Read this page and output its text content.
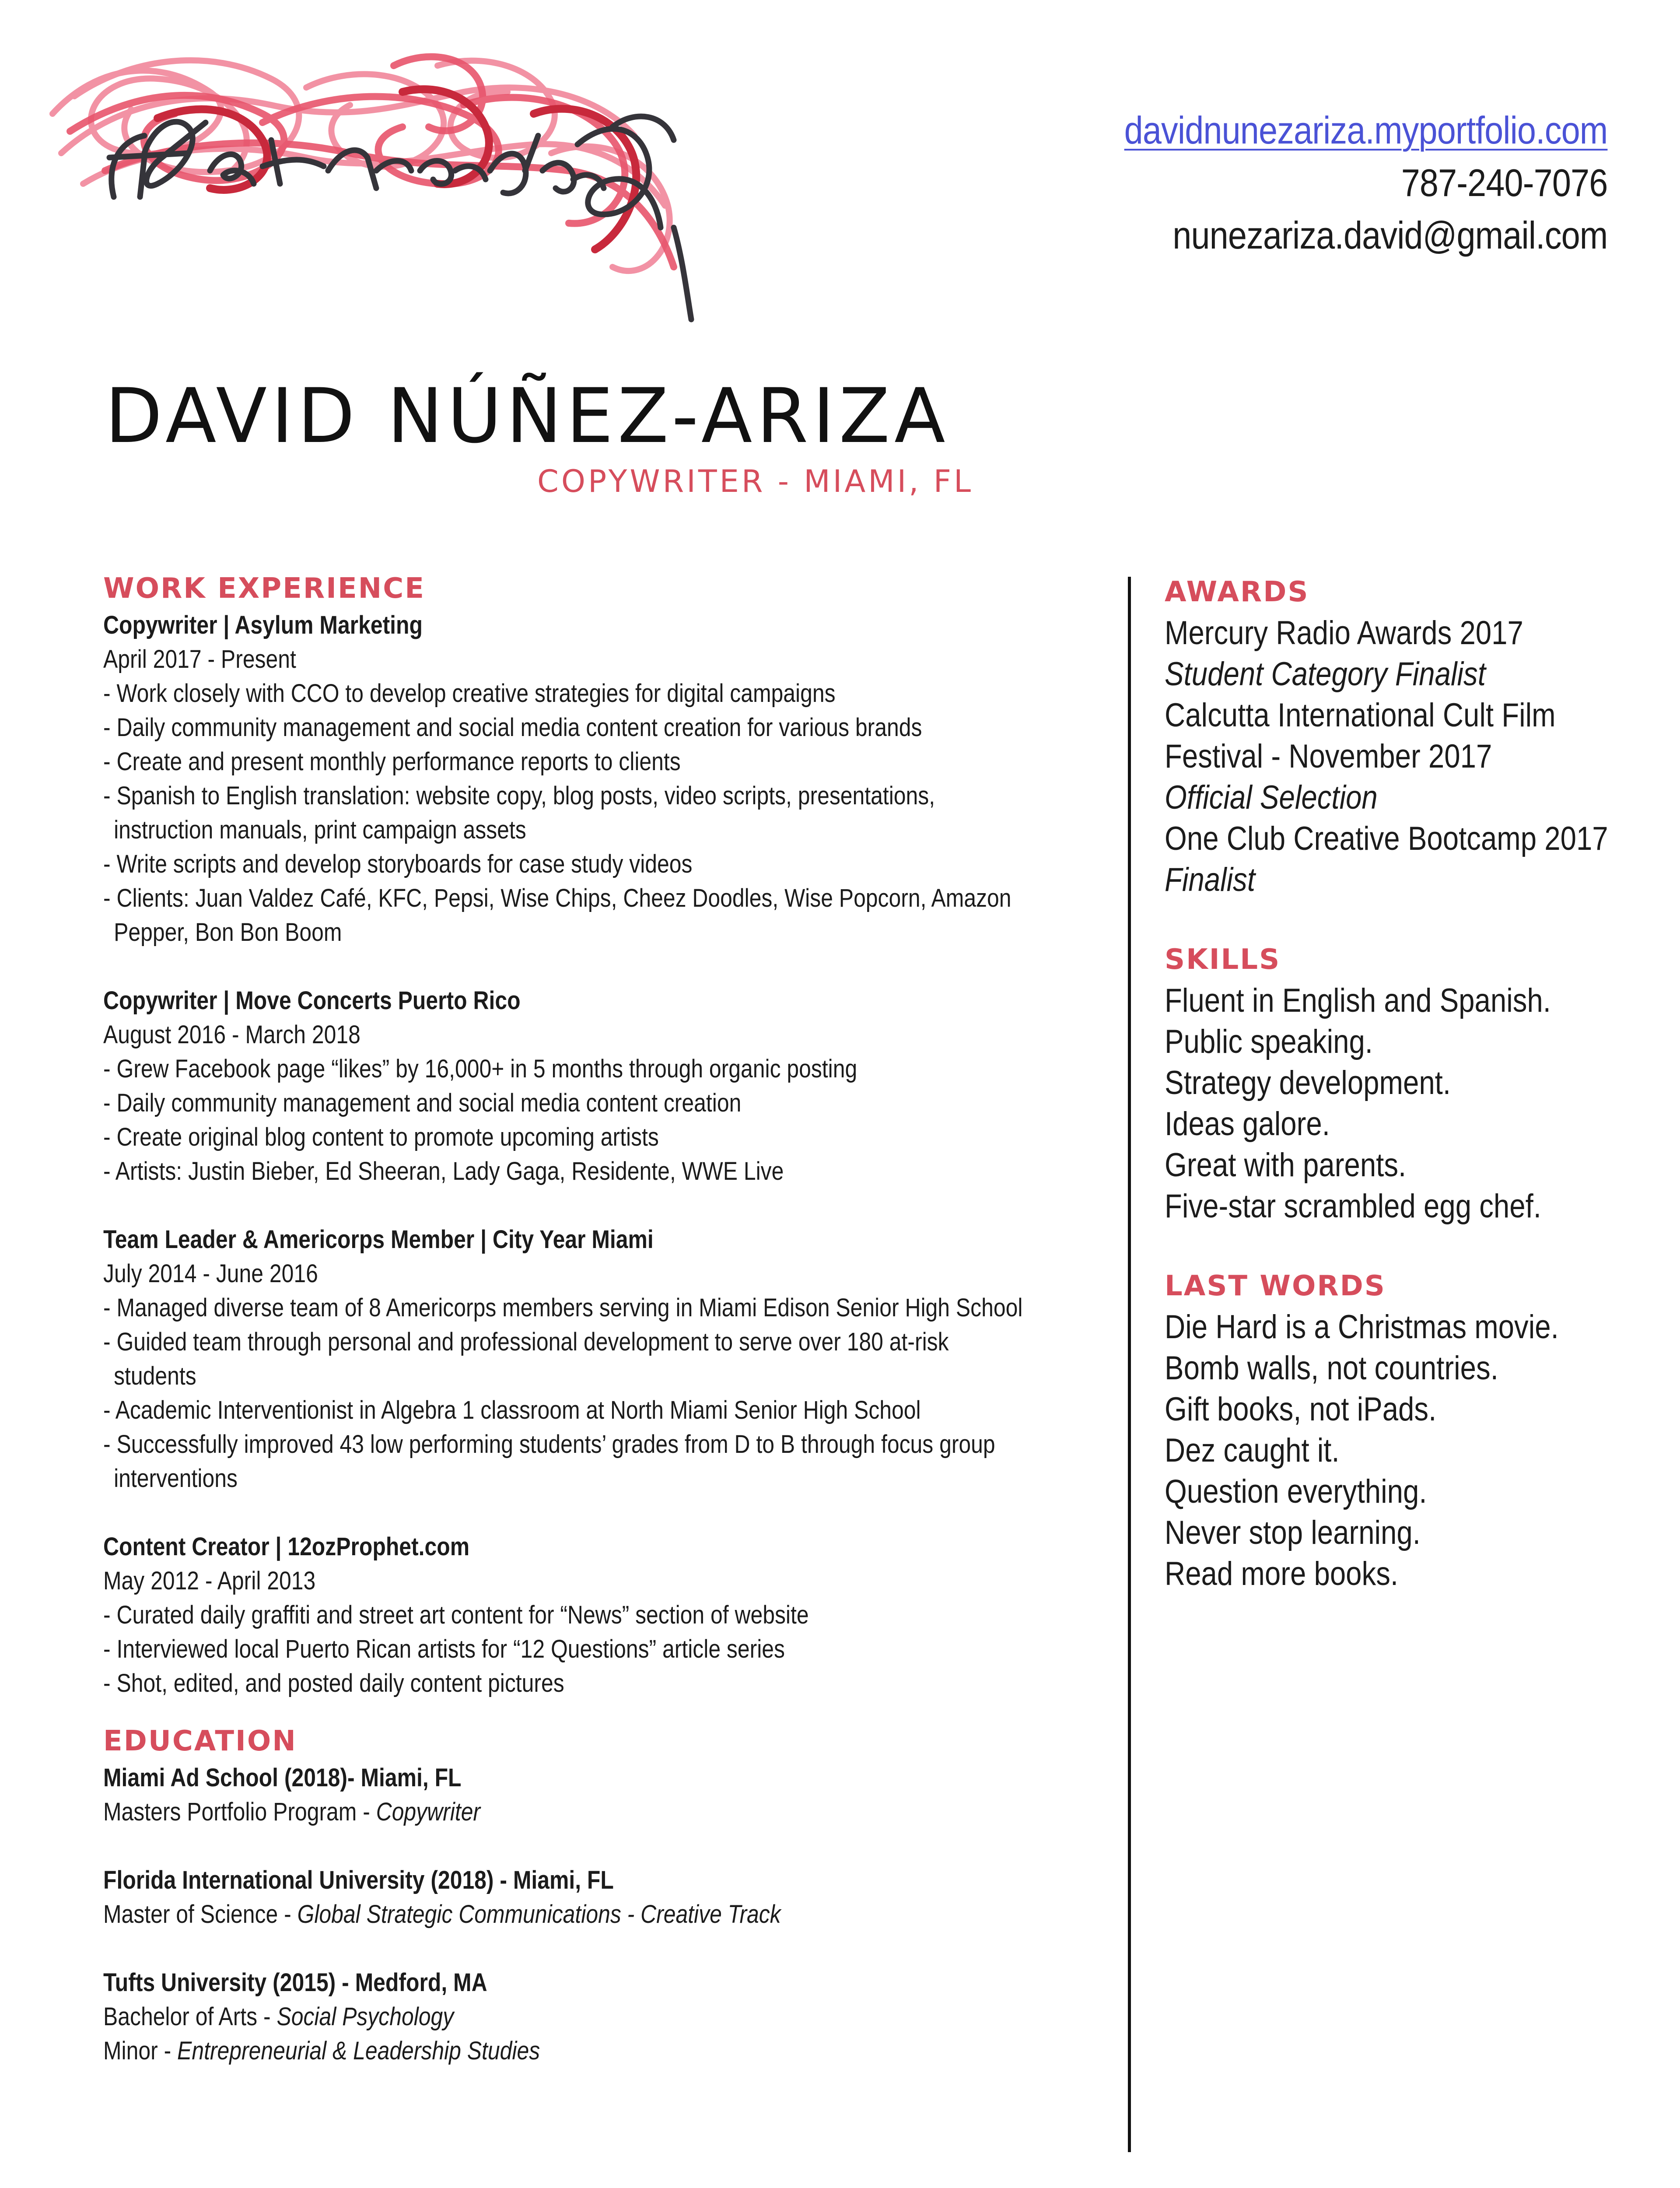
davidnunezariza.myportfolio.com
787-240-7076
nunezariza.david@gmail.com
DAVID NÚÑEZ-ARIZA
COPYWRITER - MIAMI, FL
WORK EXPERIENCE
Copywriter | Asylum Marketing
April 2017 - Present
- Work closely with CCO to develop creative strategies for digital campaigns
- Daily community management and social media content creation for various brands
- Create and present monthly performance reports to clients
- Spanish to English translation: website copy, blog posts, video scripts, presentations,
instruction manuals, print campaign assets
- Write scripts and develop storyboards for case study videos
- Clients: Juan Valdez Café, KFC, Pepsi, Wise Chips, Cheez Doodles, Wise Popcorn, Amazon
Pepper, Bon Bon Boom
Copywriter | Move Concerts Puerto Rico
August 2016 - March 2018
- Grew Facebook page “likes” by 16,000+ in 5 months through organic posting
- Daily community management and social media content creation
- Create original blog content to promote upcoming artists
- Artists: Justin Bieber, Ed Sheeran, Lady Gaga, Residente, WWE Live
Team Leader & Americorps Member | City Year Miami
July 2014 - June 2016
- Managed diverse team of 8 Americorps members serving in Miami Edison Senior High School
- Guided team through personal and professional development to serve over 180 at-risk
students
- Academic Interventionist in Algebra 1 classroom at North Miami Senior High School
- Successfully improved 43 low performing students’ grades from D to B through focus group
interventions
Content Creator | 12ozProphet.com
May 2012 - April 2013
- Curated daily graffiti and street art content for “News” section of website
- Interviewed local Puerto Rican artists for “12 Questions” article series
- Shot, edited, and posted daily content pictures
EDUCATION
Miami Ad School (2018)- Miami, FL
Masters Portfolio Program - Copywriter
Florida International University (2018) - Miami, FL
Master of Science - Global Strategic Communications - Creative Track
Tufts University (2015) - Medford, MA
Bachelor of Arts - Social Psychology
Minor - Entrepreneurial & Leadership Studies
AWARDS
Mercury Radio Awards 2017
Student Category Finalist
Calcutta International Cult Film
Festival - November 2017
Official Selection
One Club Creative Bootcamp 2017
Finalist
SKILLS
Fluent in English and Spanish.
Public speaking.
Strategy development.
Ideas galore.
Great with parents.
Five-star scrambled egg chef.
LAST WORDS
Die Hard is a Christmas movie.
Bomb walls, not countries.
Gift books, not iPads.
Dez caught it.
Question everything.
Never stop learning.
Read more books.
